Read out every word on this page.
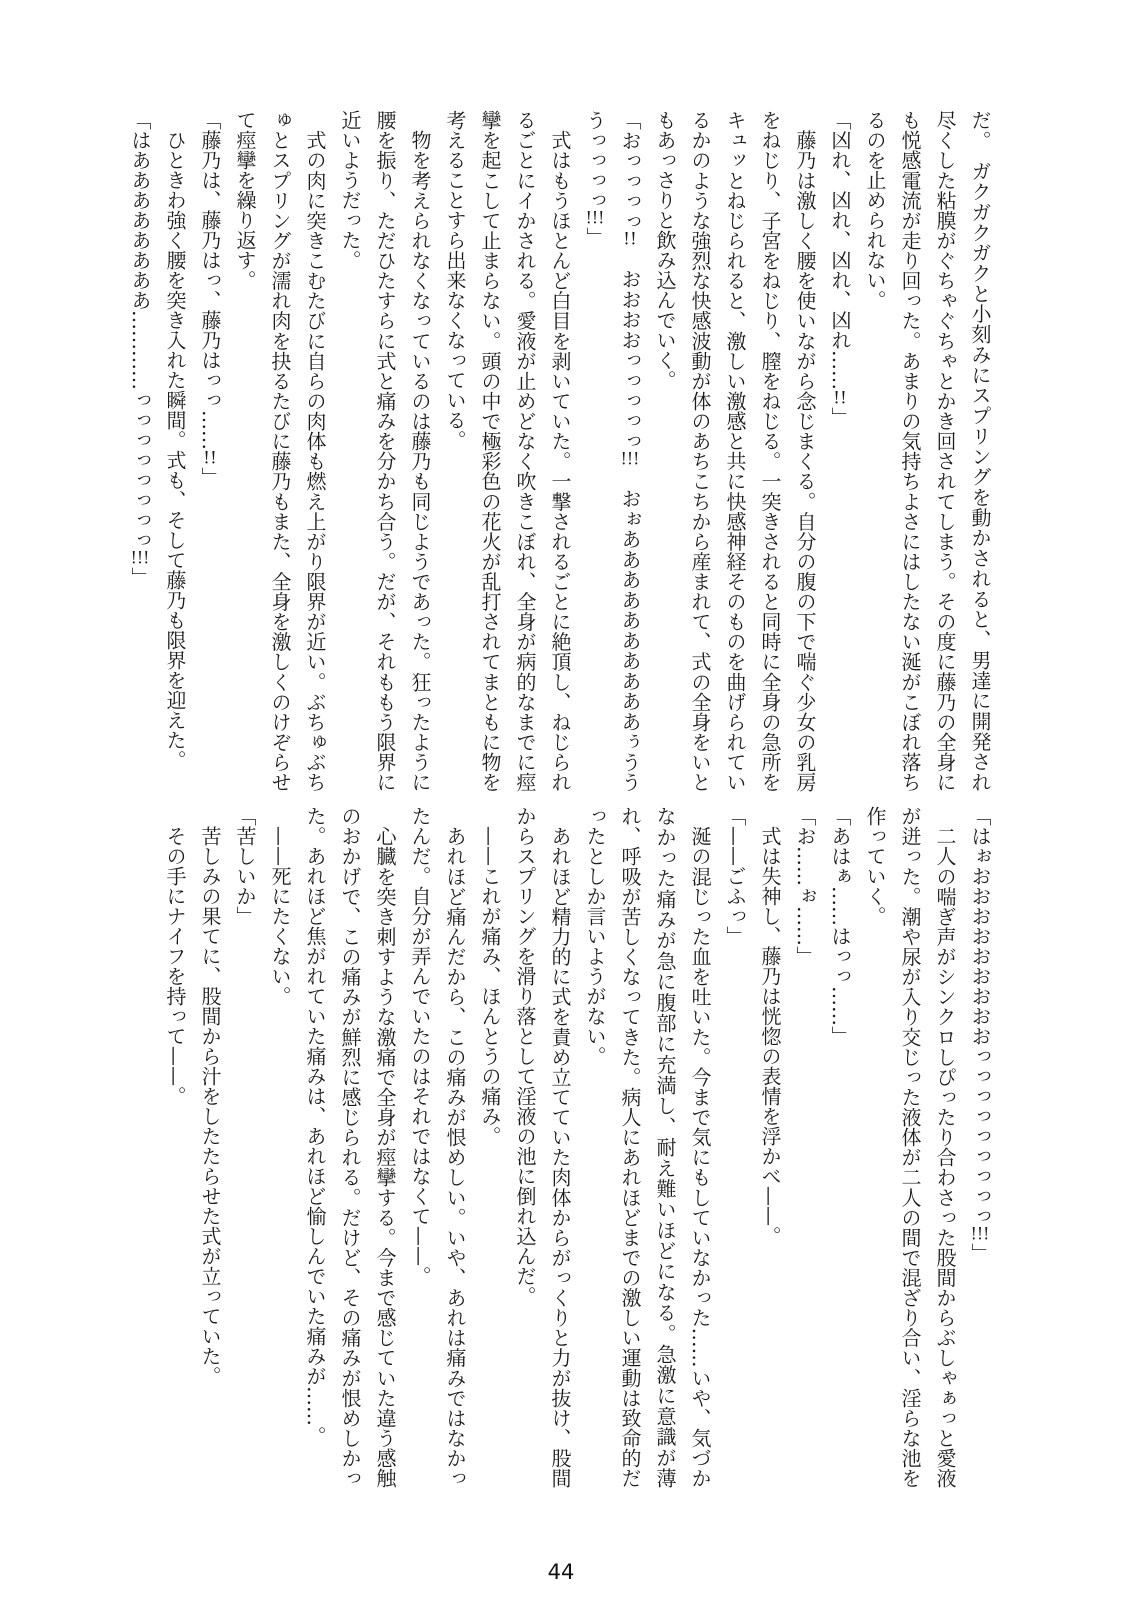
だ。　ガクガクガクと小刻みにスプリングを動かされると、男達に開発され尽くした粘膜がぐちゃぐちゃとかき回されてしまう。その度に藤乃の全身にも悦感電流が走り回った。あまりの気持ちよさにはしたない涎がこぼれ落ちるのを止められない。

「凶れ、凶れ、凶れ、凶れ……!!」

　藤乃は激しく腰を使いながら念じまくる。自分の腹の下で喘ぐ少女の乳房をねじり、子宮をねじり、膣をねじる。一突きされると同時に全身の急所をキュッとねじられると、激しい激感と共に快感神経そのものを曲げられているかのような強烈な快感波動が体のあちこちから産まれて、式の全身をいともあっさりと飲み込んでいく。

「おっっっっ!!　おおおおっっっっっ!!!　おぉああああああああああぅうううっっっっ!!!」

　式はもうほとんど白目を剥いていた。一撃されるごとに絶頂し、ねじられるごとにイかされる。愛液が止めどなく吹きこぼれ、全身が病的なまでに痙攣を起こして止まらない。頭の中で極彩色の花火が乱打されてまともに物を考えることすら出来なくなっている。

　物を考えられなくなっているのは藤乃も同じようであった。狂ったように腰を振り、ただひたすらに式と痛みを分かち合う。だが、それももう限界に近いようだった。

　式の肉に突きこむたびに自らの肉体も燃え上がり限界が近い。ぶちゅぶちゅとスプリングが濡れ肉を抉るたびに藤乃もまた、全身を激しくのけぞらせて痙攣を繰り返す。

「藤乃は、藤乃はっ、藤乃はっっ……!!」

　ひときわ強く腰を突き入れた瞬間。式も、そして藤乃も限界を迎えた。

「はああああああああ…………っっっっっっっっ!!!」

「はぉおおおおおおおおおっっっっっっっっっ!!!」

　二人の喘ぎ声がシンクロしぴったり合わさった股間からぶしゃぁっと愛液が迸った。潮や尿が入り交じった液体が二人の間で混ざり合い、淫らな池を作っていく。

「あはぁ……はっっ……」

「お……ぉ……」

　式は失神し、藤乃は恍惚の表情を浮かべ——。

「——ごふっ」

　涎の混じった血を吐いた。今まで気にもしていなかった……いや、気づかなかった痛みが急に腹部に充満し、耐え難いほどになる。急激に意識が薄れ、呼吸が苦しくなってきた。病人にあれほどまでの激しい運動は致命的だったとしか言いようがない。

　あれほど精力的に式を責め立てていた肉体からがっくりと力が抜け、股間からスプリングを滑り落として淫液の池に倒れ込んだ。

　——これが痛み、ほんとうの痛み。

　あれほど痛んだから、この痛みが恨めしい。いや、あれは痛みではなかったんだ。自分が弄んでいたのはそれではなくて——。

　心臓を突き刺すような激痛で全身が痙攣する。今まで感じていた違う感触のおかげで、この痛みが鮮烈に感じられる。だけど、その痛みが恨めしかった。あれほど焦がれていた痛みは、あれほど愉しんでいた痛みが……。

　——死にたくない。

「苦しいか」

　苦しみの果てに、股間から汁をしたたらせた式が立っていた。

　その手にナイフを持って——。

44
